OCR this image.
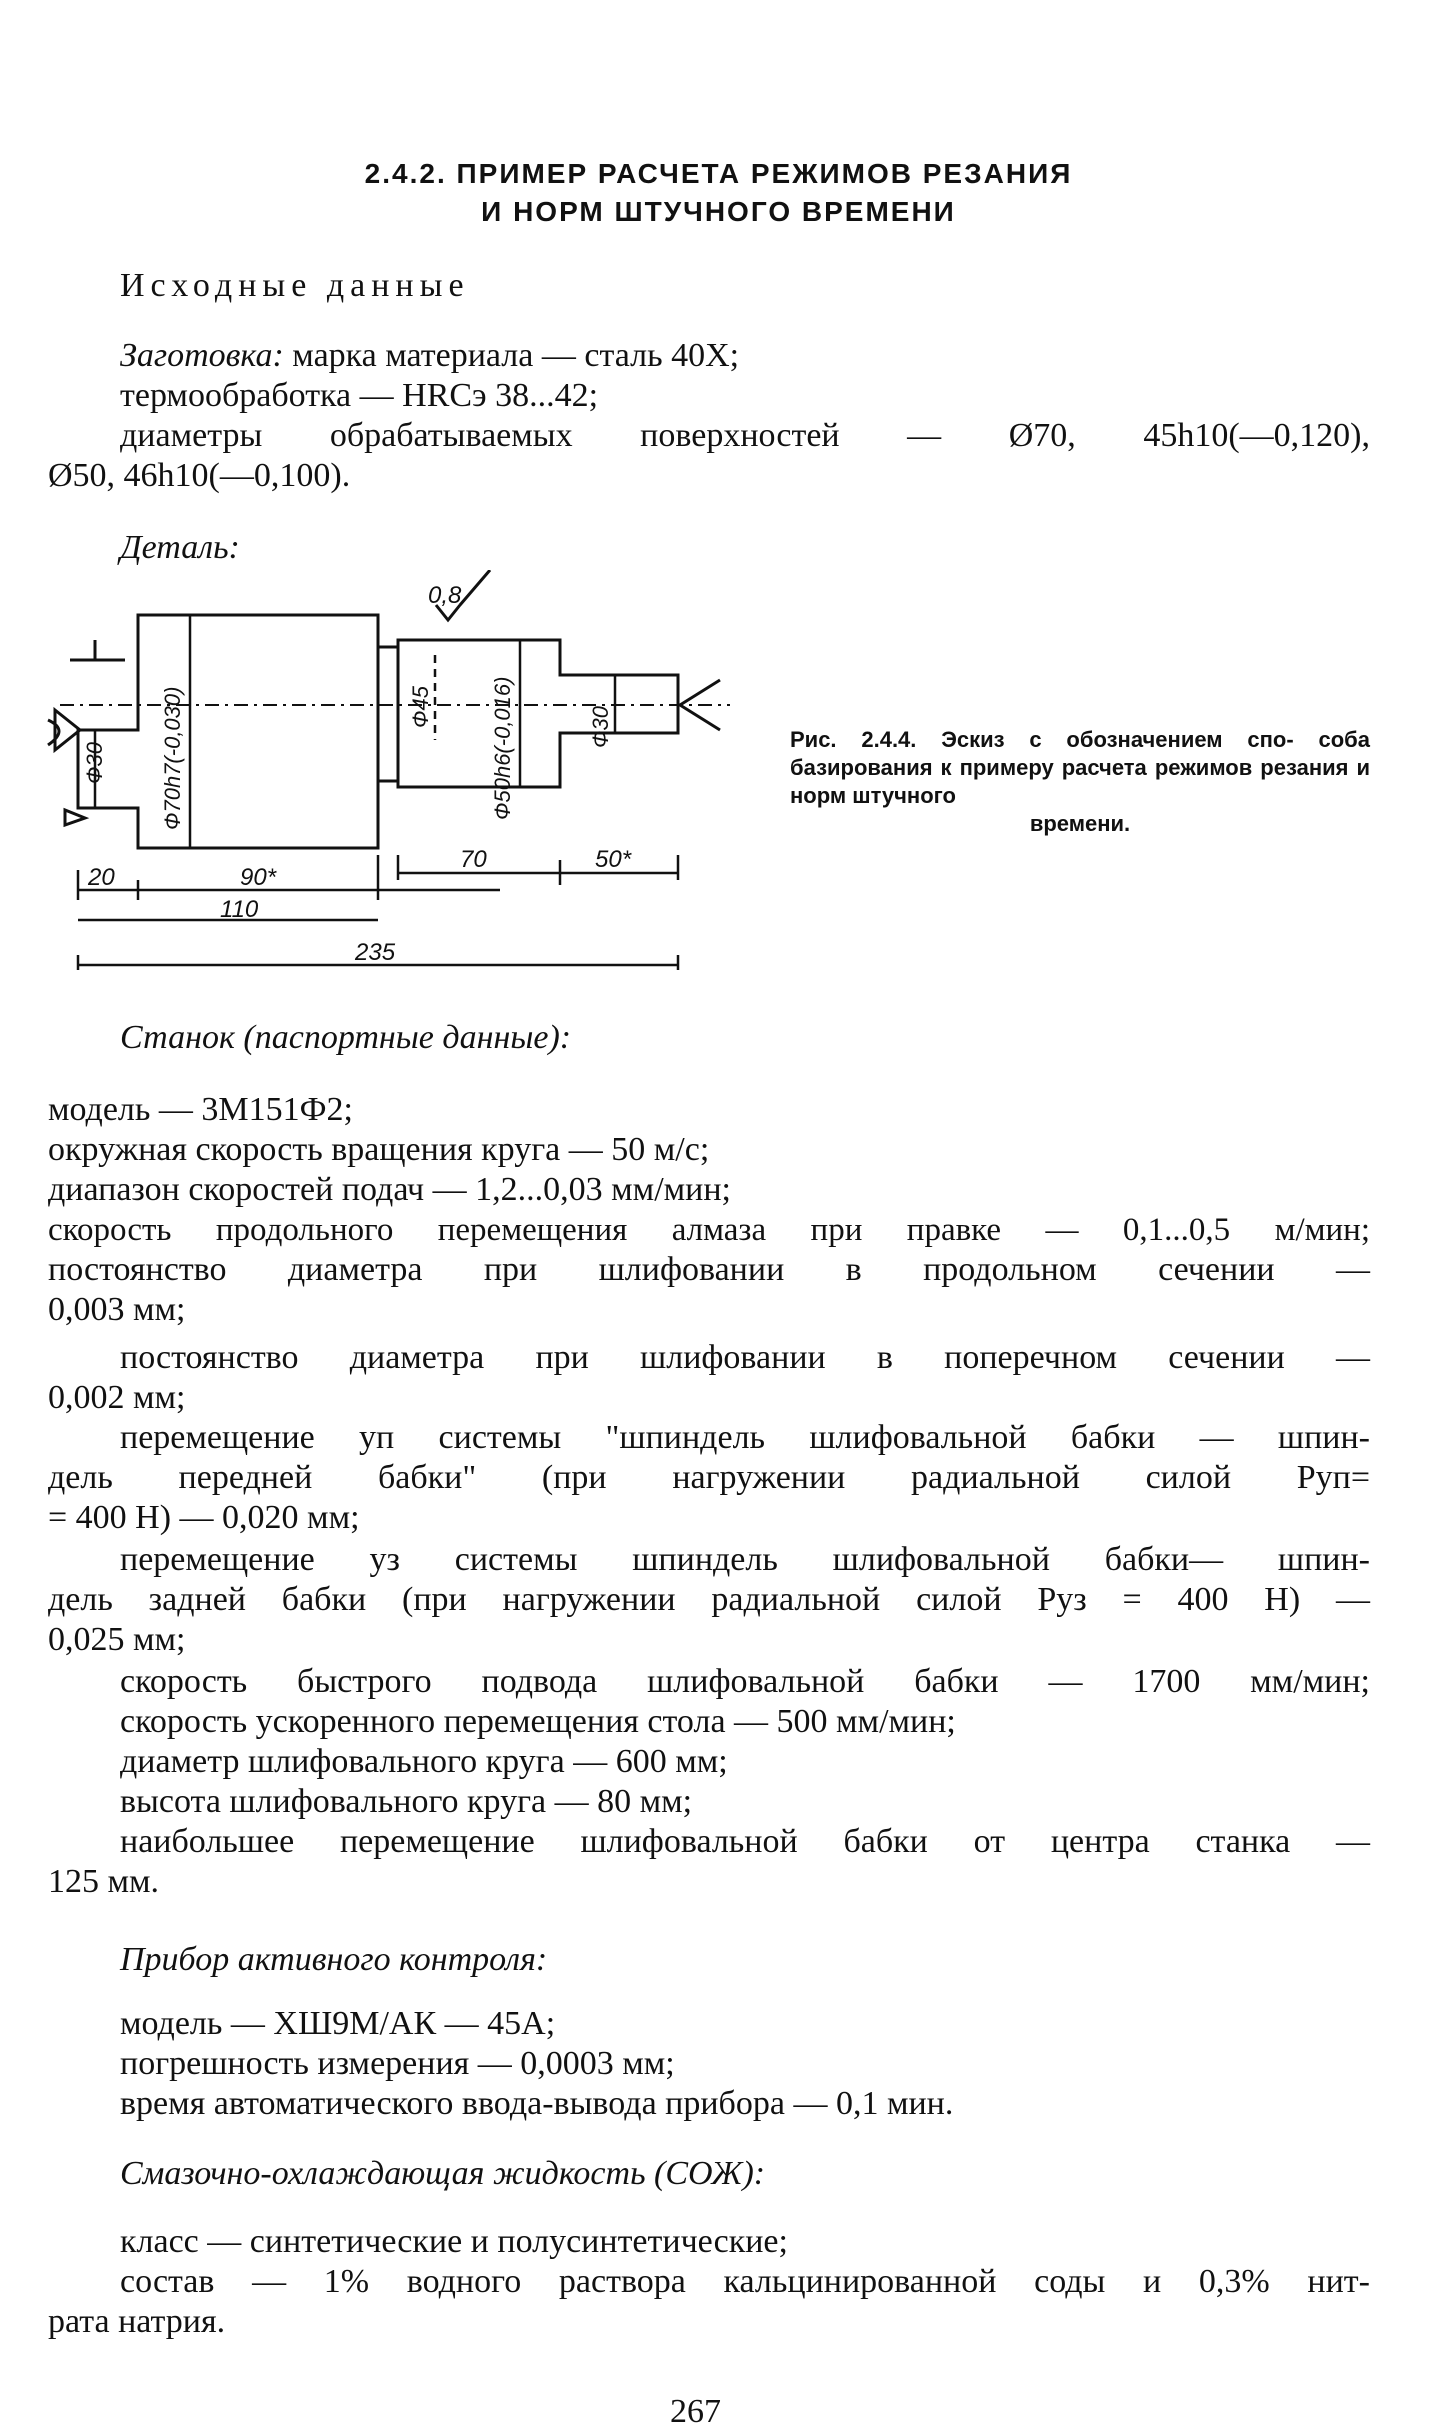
2.4.2. ПРИМЕР РАСЧЕТА РЕЖИМОВ РЕЗАНИЯ
И НОРМ ШТУЧНОГО ВРЕМЕНИ
Исходные данные
Заготовка: марка материала — сталь 40Х;
термообработка — HRCэ 38...42;
диаметры обрабатываемых поверхностей — Ø70, 45h10(—0,120),
Ø50, 46h10(—0,100).
Деталь:
0,8
Ф30 Ф70h7(-0,030)	Ф45	Ф50h6(-0,016)	Ф30
20	90*
110
235
70	50*
Рис. 2.4.4. Эскиз с обозначением спо- соба базирования к примеру расчета режимов резания и норм штучного
времени.
Станок (паспортные данные):
модель — 3М151Ф2;
окружная скорость вращения круга — 50 м/с;
диапазон скоростей подач — 1,2...0,03 мм/мин;
скорость продольного перемещения алмаза при правке — 0,1...0,5 м/мин;
постоянство диаметра при шлифовании в продольном сечении —
0,003 мм;
постоянство диаметра при шлифовании в поперечном сечении —
0,002 мм;
перемещение yп системы "шпиндель шлифовальной бабки — шпин-
дель передней бабки" (при нагружении радиальной силой Pyп=
= 400 Н) — 0,020 мм;
перемещение yз системы шпиндель шлифовальной бабки— шпин-
дель задней бабки (при нагружении радиальной силой Pyз = 400 Н) —
0,025 мм;
скорость быстрого подвода шлифовальной бабки — 1700 мм/мин;
скорость ускоренного перемещения стола — 500 мм/мин;
диаметр шлифовального круга — 600 мм;
высота шлифовального круга — 80 мм;
наибольшее перемещение шлифовальной бабки от центра станка —
125 мм.
Прибор активного контроля:
модель — ХШ9М/АК — 45А;
погрешность измерения — 0,0003 мм;
время автоматического ввода-вывода прибора — 0,1 мин.
Смазочно-охлаждающая жидкость (СОЖ):
класс — синтетические и полусинтетические;
состав — 1% водного раствора кальцинированной соды и 0,3% нит-
рата натрия.
267
